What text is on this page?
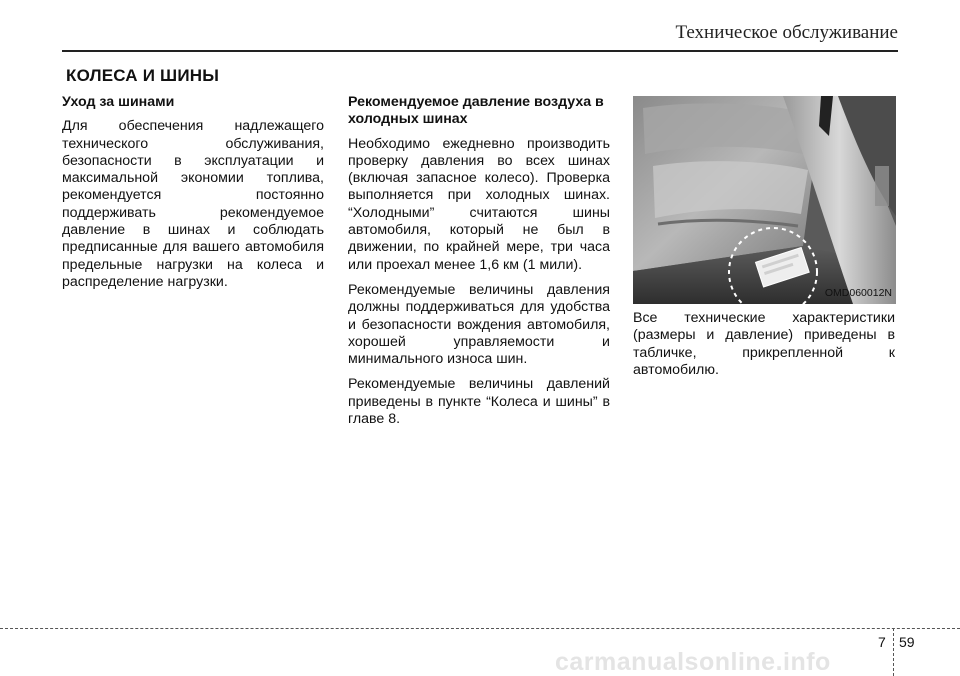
Техническое обслуживание
КОЛЕСА И ШИНЫ
Уход за шинами

Для обеспечения надлежащего технического обслуживания, безопасности в эксплуатации и максимальной экономии топлива, рекомендуется постоянно поддерживать рекомендуемое давление в шинах и соблюдать предписанные для вашего автомобиля предельные нагрузки на колеса и распределение нагрузки.

Рекомендуемое давление воздуха в холодных шинах

Необходимо ежедневно производить проверку давления во всех шинах (включая запасное колесо). Проверка выполняется при холодных шинах. “Холодными” считаются шины автомобиля, который не был в движении, по крайней мере, три часа или проехал менее 1,6 км (1 мили).

Рекомендуемые величины давления должны поддерживаться для удобства и безопасности вождения автомобиля, хорошей управляемости и минимального износа шин.

Рекомендуемые величины давлений приведены в пункте “Колеса и шины” в главе 8.

OMD060012N

Все технические характеристики (размеры и давление) приведены в табличке, прикрепленной к автомобилю.

7 59
carmanualsonline.info
